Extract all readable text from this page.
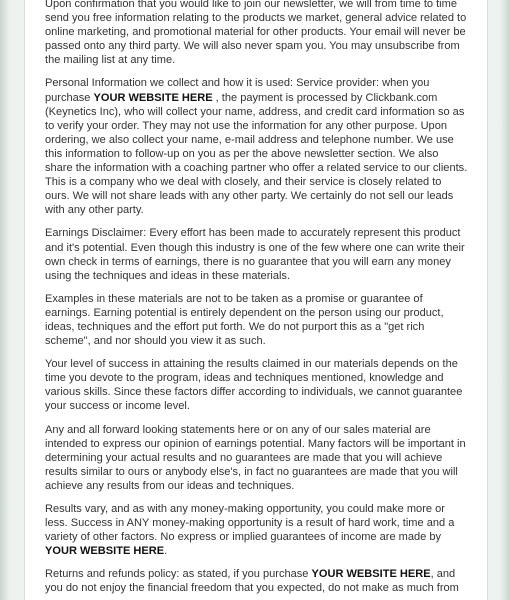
Upon confirmation that you would like to join our newsletter, we will from time to time send you free information relating to the products we market, general advice related to online marketing, and promotional material for other products. Your email will never be passed onto any third party. We will also never spam you. You may unsubscribe from the mailing list at any time.

Personal Information we collect and how it is used: Service provider: when you purchase YOUR WEBSITE HERE , the payment is processed by Clickbank.com (Keynetics Inc), who will collect your name, address, and credit card information so as to verify your order. They may not use the information for any other purpose. Upon ordering, we also collect your name, e-mail address and telephone number. We use this information to follow-up on you as per the above newsletter section. We also share the information with a coaching partner who offer a related service to our clients. This is a company who we deal with closely, and their service is closely related to ours. We will not share leads with any other party. We certainly do not sell our leads with any other party.

Earnings Disclaimer: Every effort has been made to accurately represent this product and it's potential. Even though this industry is one of the few where one can write their own check in terms of earnings, there is no guarantee that you will earn any money using the techniques and ideas in these materials.

Examples in these materials are not to be taken as a promise or guarantee of earnings. Earning potential is entirely dependent on the person using our product, ideas, techniques and the effort put forth. We do not purport this as a "get rich scheme", and nor should you view it as such.

Your level of success in attaining the results claimed in our materials depends on the time you devote to the program, ideas and techniques mentioned, knowledge and various skills. Since these factors differ according to individuals, we cannot guarantee your success or income level.

Any and all forward looking statements here or on any of our sales material are intended to express our opinion of earnings potential. Many factors will be important in determining your actual results and no guarantees are made that you will achieve results similar to ours or anybody else's, in fact no guarantees are made that you will achieve any results from our ideas and techniques.

Results vary, and as with any money-making opportunity, you could make more or less. Success in ANY money-making opportunity is a result of hard work, time and a variety of other factors. No express or implied guarantees of income are made by YOUR WEBSITE HERE.

Returns and refunds policy: as stated, if you purchase YOUR WEBSITE HERE, and you do not enjoy the financial freedom that you expected, do not make as much from
